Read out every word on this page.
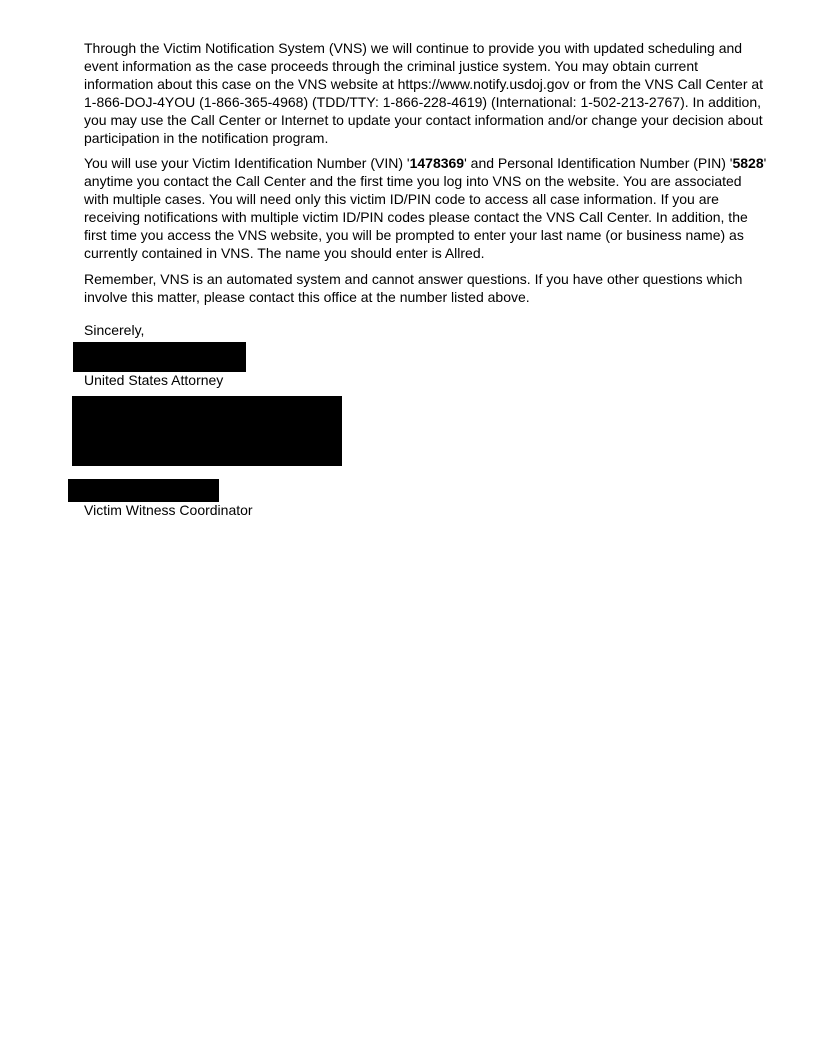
Through the Victim Notification System (VNS) we will continue to provide you with updated scheduling and event information as the case proceeds through the criminal justice system. You may obtain current information about this case on the VNS website at https://www.notify.usdoj.gov or from the VNS Call Center at 1-866-DOJ-4YOU (1-866-365-4968) (TDD/TTY: 1-866-228-4619) (International: 1-502-213-2767). In addition, you may use the Call Center or Internet to update your contact information and/or change your decision about participation in the notification program.

You will use your Victim Identification Number (VIN) '1478369' and Personal Identification Number (PIN) '5828' anytime you contact the Call Center and the first time you log into VNS on the website. You are associated with multiple cases. You will need only this victim ID/PIN code to access all case information. If you are receiving notifications with multiple victim ID/PIN codes please contact the VNS Call Center. In addition, the first time you access the VNS website, you will be prompted to enter your last name (or business name) as currently contained in VNS. The name you should enter is Allred.

Remember, VNS is an automated system and cannot answer questions. If you have other questions which involve this matter, please contact this office at the number listed above.

Sincerely,
United States Attorney
Victim Witness Coordinator
